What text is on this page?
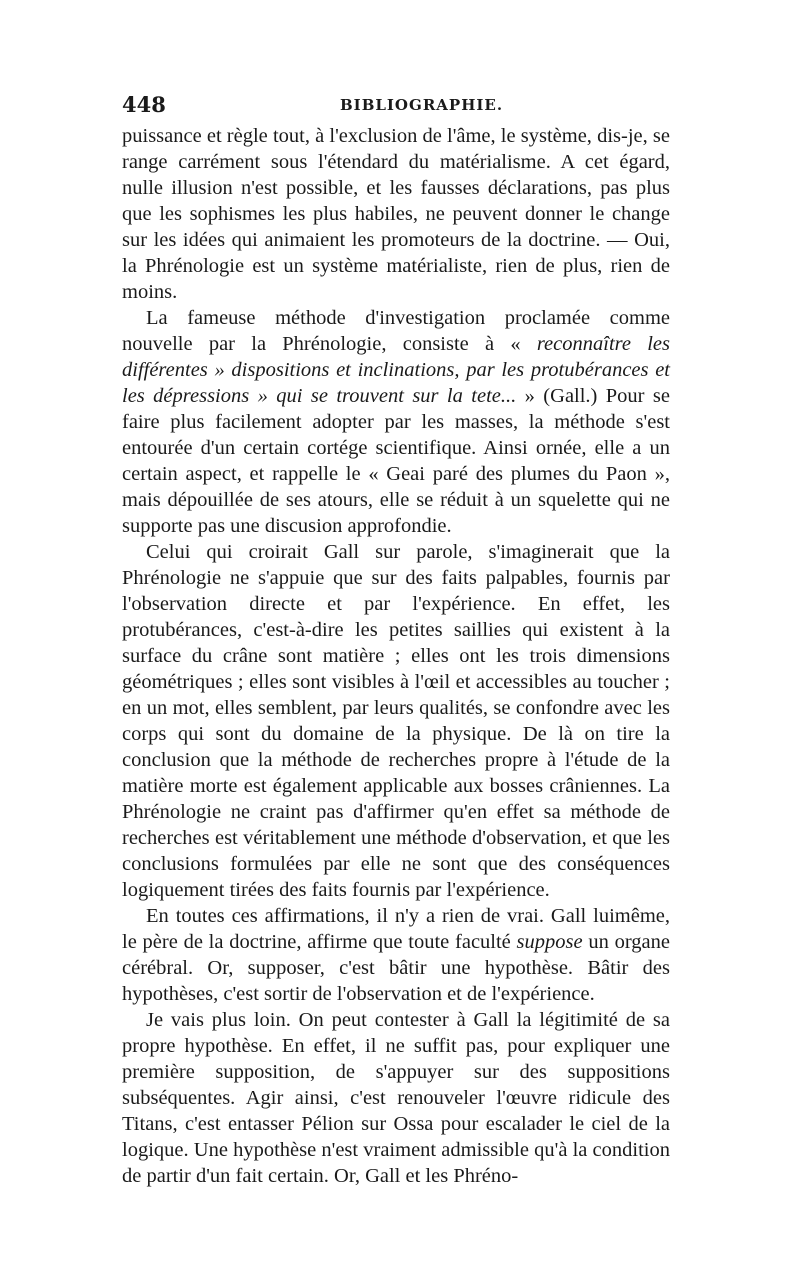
448	BIBLIOGRAPHIE.

puissance et règle tout, à l'exclusion de l'âme, le système, dis-je, se range carrément sous l'étendard du matérialisme. A cet égard, nulle illusion n'est possible, et les fausses déclarations, pas plus que les sophismes les plus habiles, ne peuvent donner le change sur les idées qui animaient les promoteurs de la doctrine. — Oui, la Phrénologie est un système matérialiste, rien de plus, rien de moins.

La fameuse méthode d'investigation proclamée comme nouvelle par la Phrénologie, consiste à « reconnaître les différentes » dispositions et inclinations, par les protubérances et les dépressions » qui se trouvent sur la tete... » (Gall.) Pour se faire plus facilement adopter par les masses, la méthode s'est entourée d'un certain cortége scientifique. Ainsi ornée, elle a un certain aspect, et rappelle le « Geai paré des plumes du Paon », mais dépouillée de ses atours, elle se réduit à un squelette qui ne supporte pas une discusion approfondie.

Celui qui croirait Gall sur parole, s'imaginerait que la Phrénologie ne s'appuie que sur des faits palpables, fournis par l'observation directe et par l'expérience. En effet, les protubérances, c'est-à-dire les petites saillies qui existent à la surface du crâne sont matière ; elles ont les trois dimensions géométriques ; elles sont visibles à l'œil et accessibles au toucher ; en un mot, elles semblent, par leurs qualités, se confondre avec les corps qui sont du domaine de la physique. De là on tire la conclusion que la méthode de recherches propre à l'étude de la matière morte est également applicable aux bosses crâniennes. La Phrénologie ne craint pas d'affirmer qu'en effet sa méthode de recherches est véritablement une méthode d'observation, et que les conclusions formulées par elle ne sont que des conséquences logiquement tirées des faits fournis par l'expérience.

En toutes ces affirmations, il n'y a rien de vrai. Gall luimême, le père de la doctrine, affirme que toute faculté suppose un organe cérébral. Or, supposer, c'est bâtir une hypothèse. Bâtir des hypothèses, c'est sortir de l'observation et de l'expérience.

Je vais plus loin. On peut contester à Gall la légitimité de sa propre hypothèse. En effet, il ne suffit pas, pour expliquer une première supposition, de s'appuyer sur des suppositions subséquentes. Agir ainsi, c'est renouveler l'œuvre ridicule des Titans, c'est entasser Pélion sur Ossa pour escalader le ciel de la logique. Une hypothèse n'est vraiment admissible qu'à la condition de partir d'un fait certain. Or, Gall et les Phréno-
